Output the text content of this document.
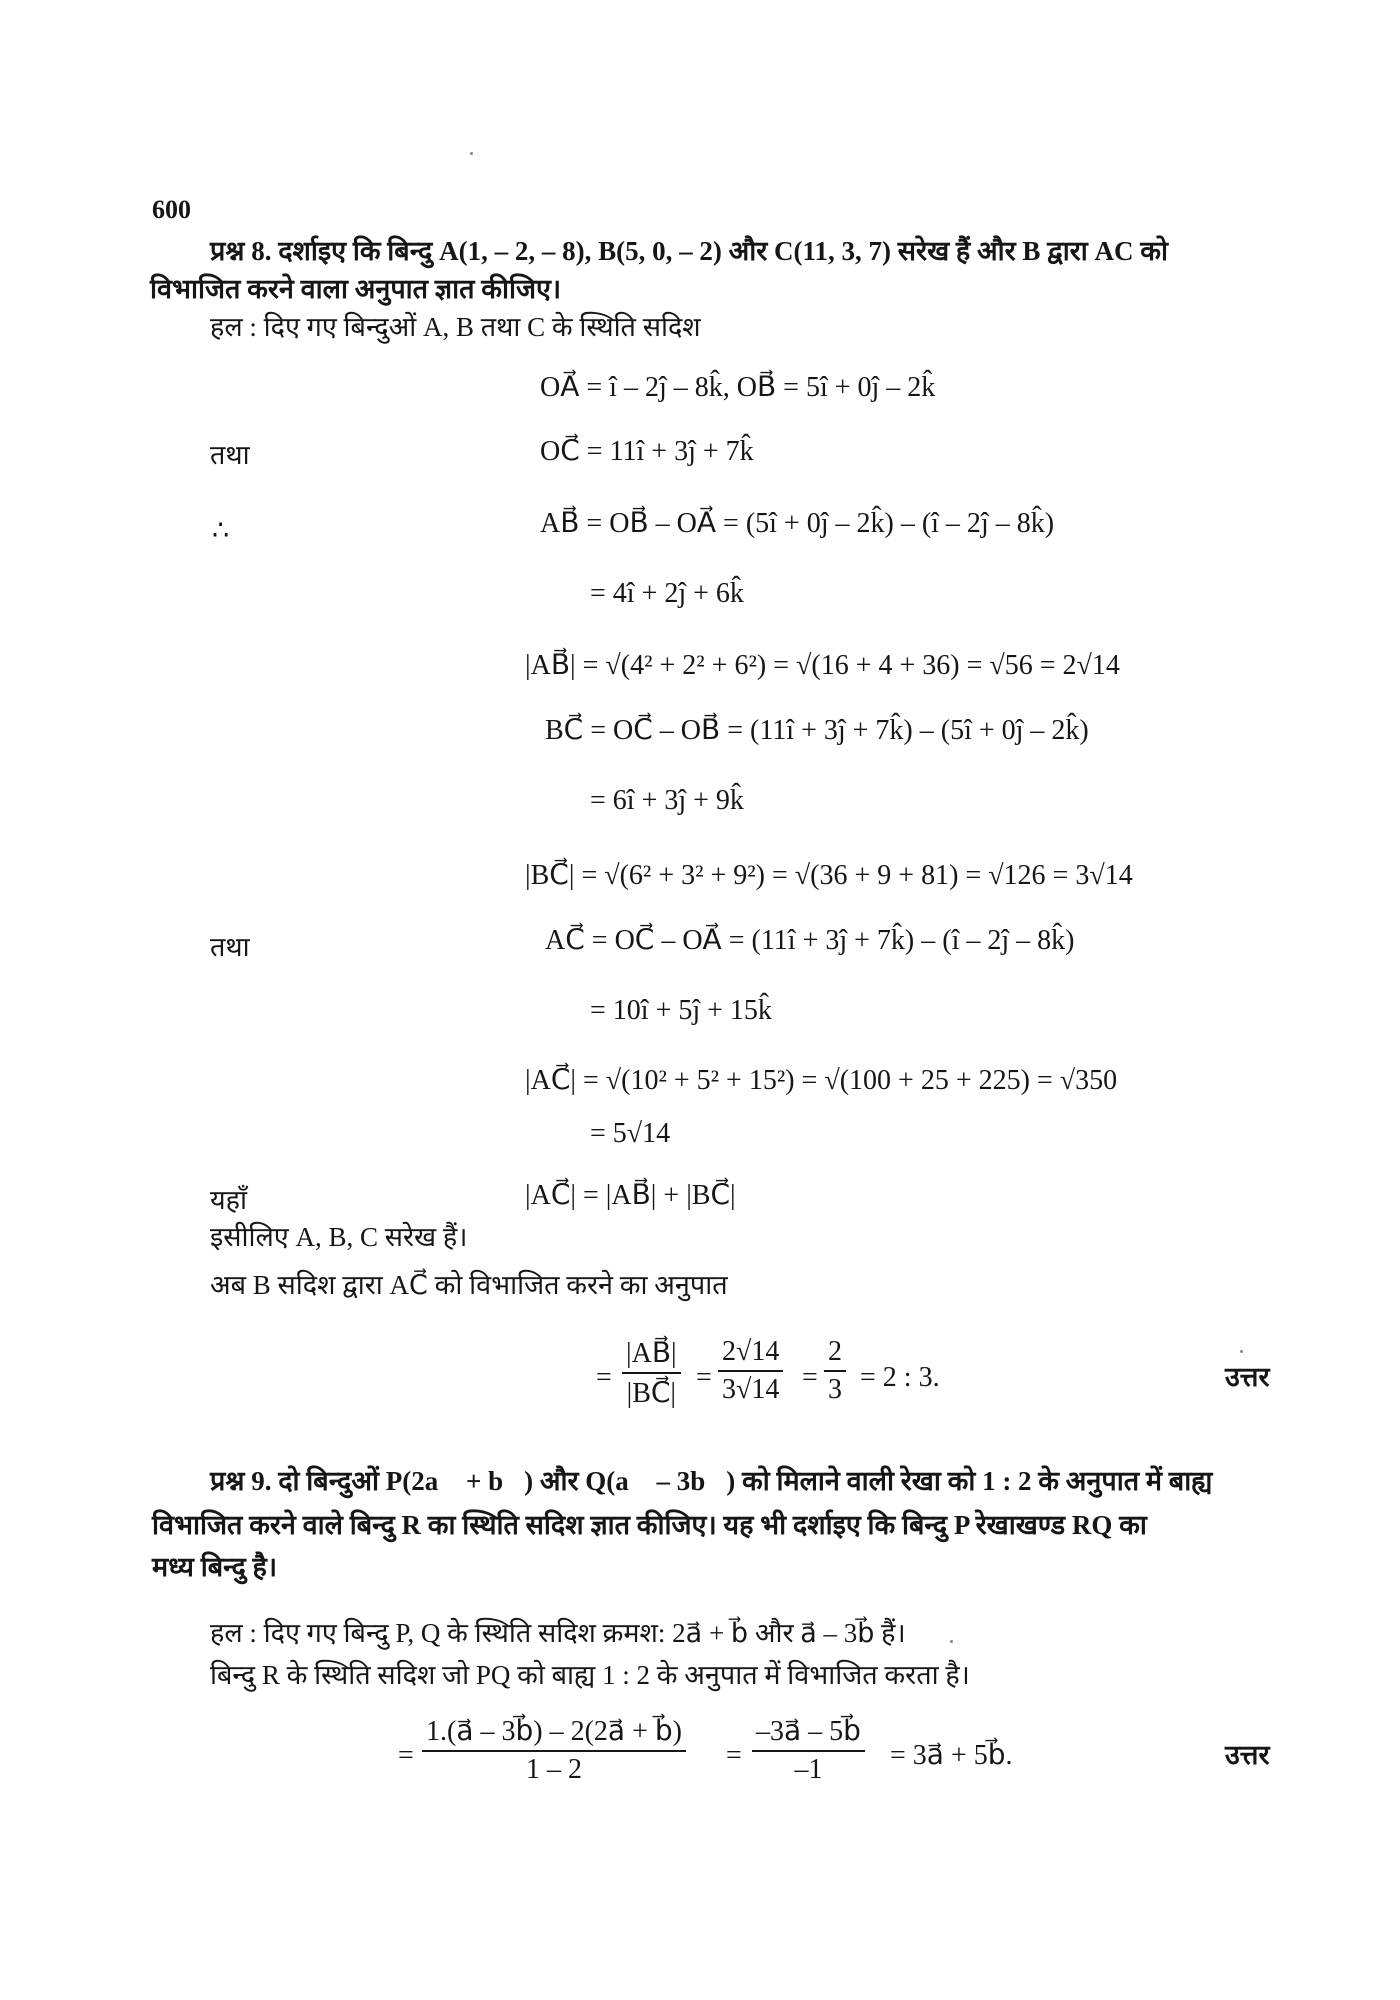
600
प्रश्न 8. दर्शाइए कि बिन्दु A(1, – 2, – 8), B(5, 0, – 2) और C(11, 3, 7) सरेख हैं और B द्वारा AC को
विभाजित करने वाला अनुपात ज्ञात कीजिए।
हल : दिए गए बिन्दुओं A, B तथा C के स्थिति सदिश
OA⃗ = î – 2ĵ – 8k̂, OB⃗ = 5î + 0ĵ – 2k̂
तथा	OC⃗ = 11î + 3ĵ + 7k̂
∴	AB⃗ = OB⃗ – OA⃗ = (5î + 0ĵ – 2k̂) – (î – 2ĵ – 8k̂)
= 4î + 2ĵ + 6k̂
|AB⃗| = √(4² + 2² + 6²) = √(16 + 4 + 36) = √56 = 2√14
BC⃗ = OC⃗ – OB⃗ = (11î + 3ĵ + 7k̂) – (5î + 0ĵ – 2k̂)
= 6î + 3ĵ + 9k̂
|BC⃗| = √(6² + 3² + 9²) = √(36 + 9 + 81) = √126 = 3√14
तथा	AC⃗ = OC⃗ – OA⃗ = (11î + 3ĵ + 7k̂) – (î – 2ĵ – 8k̂)
= 10î + 5ĵ + 15k̂
|AC⃗| = √(10² + 5² + 15²) = √(100 + 25 + 225) = √350
= 5√14
यहाँ	|AC⃗| = |AB⃗| + |BC⃗|
इसीलिए A, B, C सरेख हैं।
अब B सदिश द्वारा AC⃗ को विभाजित करने का अनुपात
= $\frac{|AB⃗|}{|BC⃗|} = \frac{2√14}{3√14} = \frac{2}{3} = 2$ : 3.	उत्तर
प्रश्न 9. दो बिन्दुओं P(2a⃗ + b⃗) और Q(a⃗ – 3b⃗) को मिलाने वाली रेखा को 1 : 2 के अनुपात में बाह्य
विभाजित करने वाले बिन्दु R का स्थिति सदिश ज्ञात कीजिए। यह भी दर्शाइए कि बिन्दु P रेखाखण्ड RQ का
मध्य बिन्दु है।
हल : दिए गए बिन्दु P, Q के स्थिति सदिश क्रमश: 2a⃗ + b⃗ और a⃗ – 3b⃗ हैं।
बिन्दु R के स्थिति सदिश जो PQ को बाह्य 1 : 2 के अनुपात में विभाजित करता है।
= $\frac{1.(a⃗ - 3b⃗) - 2(2a⃗ + b⃗)}{1 - 2} = \frac{-3a⃗ - 5b⃗}{-1}$ = 3a⃗ + 5b⃗.	उत्तर
